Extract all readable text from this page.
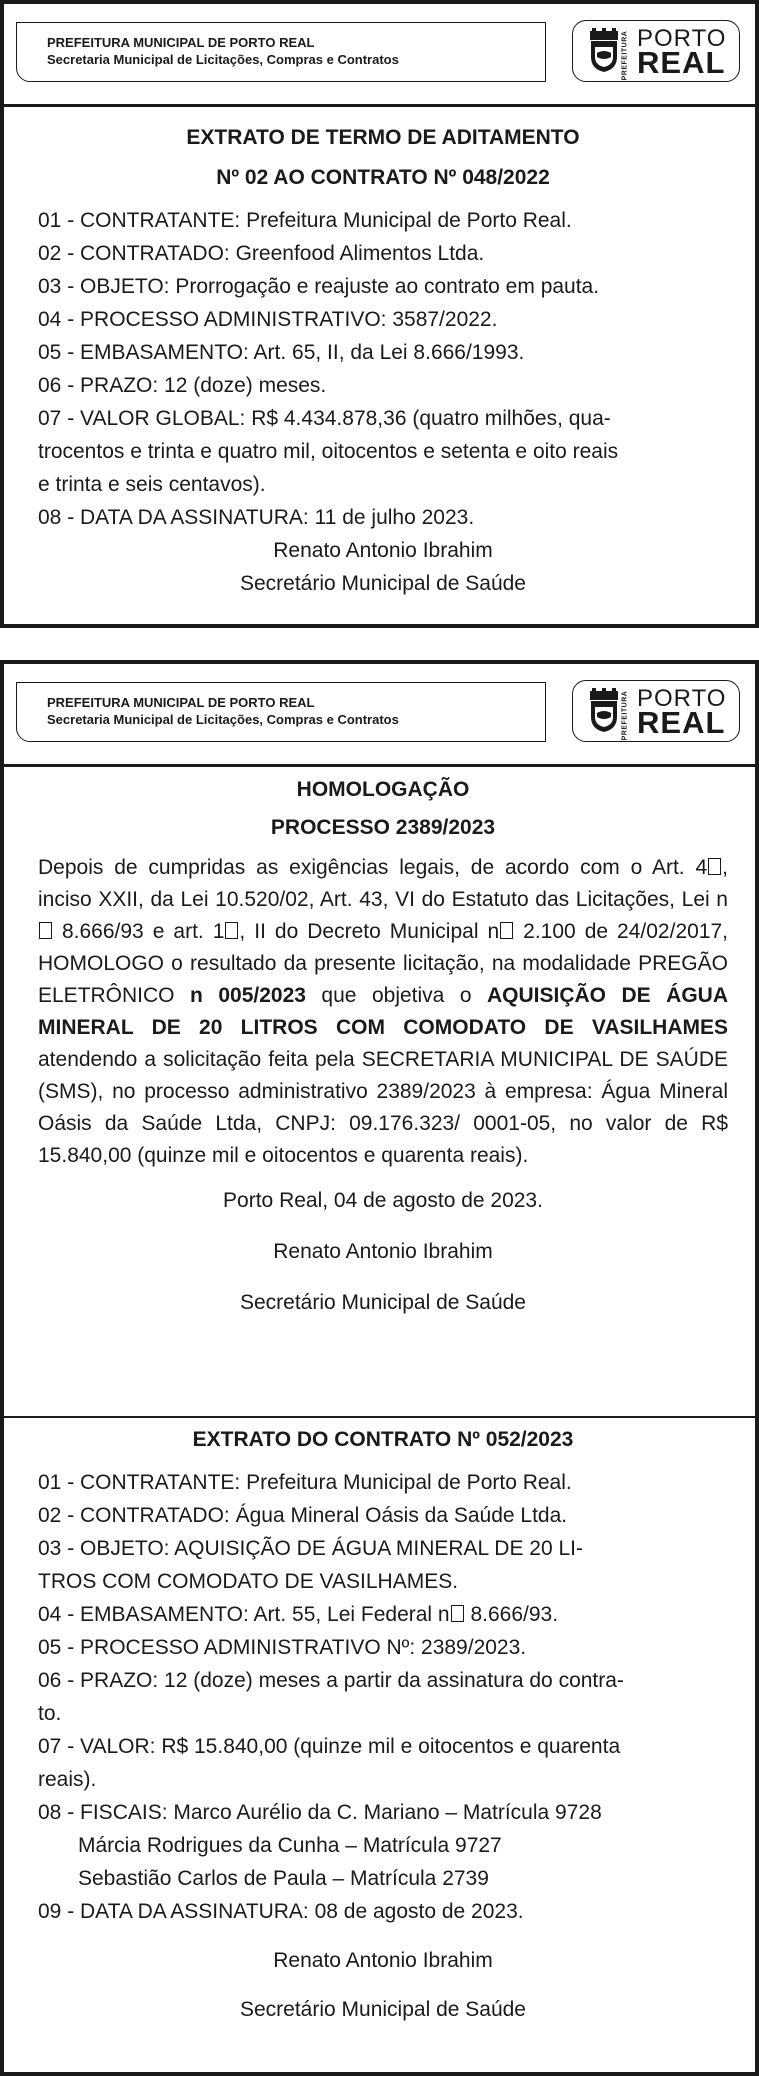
PREFEITURA MUNICIPAL DE PORTO REAL
Secretaria Municipal de Licitações, Compras e Contratos	PREFEITURA PORTO
REAL

EXTRATO DE TERMO DE ADITAMENTO

Nº 02 AO CONTRATO Nº 048/2022

01 - CONTRATANTE: Prefeitura Municipal de Porto Real.

02 - CONTRATADO: Greenfood Alimentos Ltda.

03 - OBJETO: Prorrogação e reajuste ao contrato em pauta.

04 - PROCESSO ADMINISTRATIVO: 3587/2022.

05 - EMBASAMENTO: Art. 65, II, da Lei 8.666/1993.

06 - PRAZO: 12 (doze) meses.

07 - VALOR GLOBAL: R$ 4.434.878,36 (quatro milhões, qua-

trocentos e trinta e quatro mil, oitocentos e setenta e oito reais

e trinta e seis centavos).

08 - DATA DA ASSINATURA: 11 de julho 2023.

Renato Antonio Ibrahim

Secretário Municipal de Saúde

PREFEITURA MUNICIPAL DE PORTO REAL
Secretaria Municipal de Licitações, Compras e Contratos	PREFEITURA PORTO
REAL

HOMOLOGAÇÃO

PROCESSO 2389/2023

Depois de cumpridas as exigências legais, de acordo com o Art. 4 , inciso XXII, da Lei 10.520/02, Art. 43, VI do Estatuto das Licitações, Lei n 8.666/93 e art. 1 , II do Decreto Municipal n 2.100 de 24/02/2017, HOMOLOGO o resultado da presente licitação, na modalidade PREGÃO ELETRÔNICO n 005/2023 que objetiva o AQUISIÇÃO DE ÁGUA MINERAL DE 20 LITROS COM COMODATO DE VASILHAMES atendendo a solicitação feita pela SECRETARIA MUNICIPAL DE SAÚDE (SMS), no processo administrativo 2389/2023 à empresa: Água Mineral Oásis da Saúde Ltda, CNPJ: 09.176.323/ 0001-05, no valor de R$ 15.840,00 (quinze mil e oitocentos e quarenta reais).

Porto Real, 04 de agosto de 2023.

Renato Antonio Ibrahim

Secretário Municipal de Saúde

EXTRATO DO CONTRATO Nº 052/2023

01 - CONTRATANTE: Prefeitura Municipal de Porto Real.

02 - CONTRATADO: Água Mineral Oásis da Saúde Ltda.

03 - OBJETO: AQUISIÇÃO DE ÁGUA MINERAL DE 20 LI-

TROS COM COMODATO DE VASILHAMES.

04 - EMBASAMENTO: Art. 55, Lei Federal n 8.666/93.

05 - PROCESSO ADMINISTRATIVO Nº: 2389/2023.

06 - PRAZO: 12 (doze) meses a partir da assinatura do contra-

to.

07 - VALOR: R$ 15.840,00 (quinze mil e oitocentos e quarenta

reais).

08 - FISCAIS: Marco Aurélio da C. Mariano – Matrícula 9728

Márcia Rodrigues da Cunha – Matrícula 9727

Sebastião Carlos de Paula – Matrícula 2739

09 - DATA DA ASSINATURA: 08 de agosto de 2023.

Renato Antonio Ibrahim

Secretário Municipal de Saúde
